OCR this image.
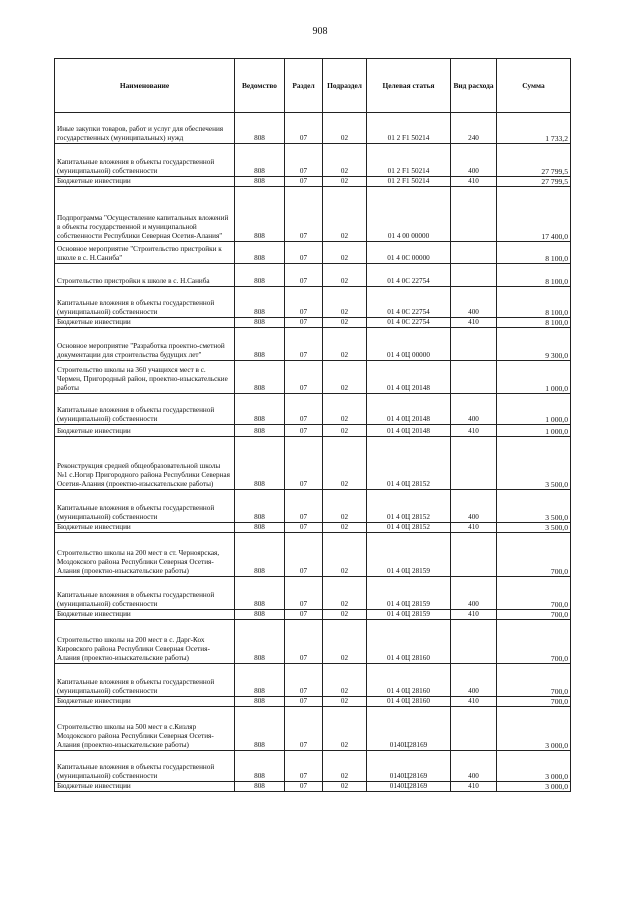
908
Наименование	Ведомство	Раздел	Подраздел	Целевая статья	Вид расхода	Сумма
Иные закупки товаров, работ и услуг для обеспечения государственных (муниципальных) нужд	808	07	02	01 2 F1 50214	240	1 733,2
Капитальные вложения в объекты государственной (муниципальной) собственности	808	07	02	01 2 F1 50214	400	27 799,5
Бюджетные инвестиции	808	07	02	01 2 F1 50214	410	27 799,5
Подпрограмма "Осуществление капитальных вложений в объекты государственной и муниципальной собственности Республики Северная Осетия-Алания"	808	07	02	01 4 00 00000		17 400,0
Основное мероприятие "Строительство пристройки к школе в с. Н.Саниба"	808	07	02	01 4 0С 00000		8 100,0
Строительство пристройки к школе в с. Н.Саниба	808	07	02	01 4 0С 22754		8 100,0
Капитальные вложения в объекты государственной (муниципальной) собственности	808	07	02	01 4 0С 22754	400	8 100,0
Бюджетные инвестиции	808	07	02	01 4 0С 22754	410	8 100,0
Основное мероприятие "Разработка проектно-сметной документации для строительства будущих лет"	808	07	02	01 4 0Ц 00000		9 300,0
Строительство школы на 360 учащихся мест в с. Чермен, Пригородный район, проектно-изыскательские работы	808	07	02	01 4 0Ц 20148		1 000,0
Капитальные вложения в объекты государственной (муниципальной) собственности	808	07	02	01 4 0Ц 20148	400	1 000,0
Бюджетные инвестиции	808	07	02	01 4 0Ц 20148	410	1 000,0
Реконструкция средней общеобразовательной школы №1 с.Ногир Пригородного района Республики Северная Осетия-Алания (проектно-изыскательские работы)	808	07	02	01 4 0Ц 28152		3 500,0
Капитальные вложения в объекты государственной (муниципальной) собственности	808	07	02	01 4 0Ц 28152	400	3 500,0
Бюджетные инвестиции	808	07	02	01 4 0Ц 28152	410	3 500,0
Строительство школы на 200 мест в ст. Черноярская, Моздокского района Республики Северная Осетия-Алания (проектно-изыскательские работы)	808	07	02	01 4 0Ц 28159		700,0
Капитальные вложения в объекты государственной (муниципальной) собственности	808	07	02	01 4 0Ц 28159	400	700,0
Бюджетные инвестиции	808	07	02	01 4 0Ц 28159	410	700,0
Строительство школы на 200 мест в с. Дарг-Кох Кировского района Республики Северная Осетия-Алания (проектно-изыскательские работы)	808	07	02	01 4 0Ц 28160		700,0
Капитальные вложения в объекты государственной (муниципальной) собственности	808	07	02	01 4 0Ц 28160	400	700,0
Бюджетные инвестиции	808	07	02	01 4 0Ц 28160	410	700,0
Строительство школы на 500 мест в с.Кизляр Моздокского района Республики Северная Осетия-Алания (проектно-изыскательские работы)	808	07	02	0140Ц28169		3 000,0
Капитальные вложения в объекты государственной (муниципальной) собственности	808	07	02	0140Ц28169	400	3 000,0
Бюджетные инвестиции	808	07	02	0140Ц28169	410	3 000,0
